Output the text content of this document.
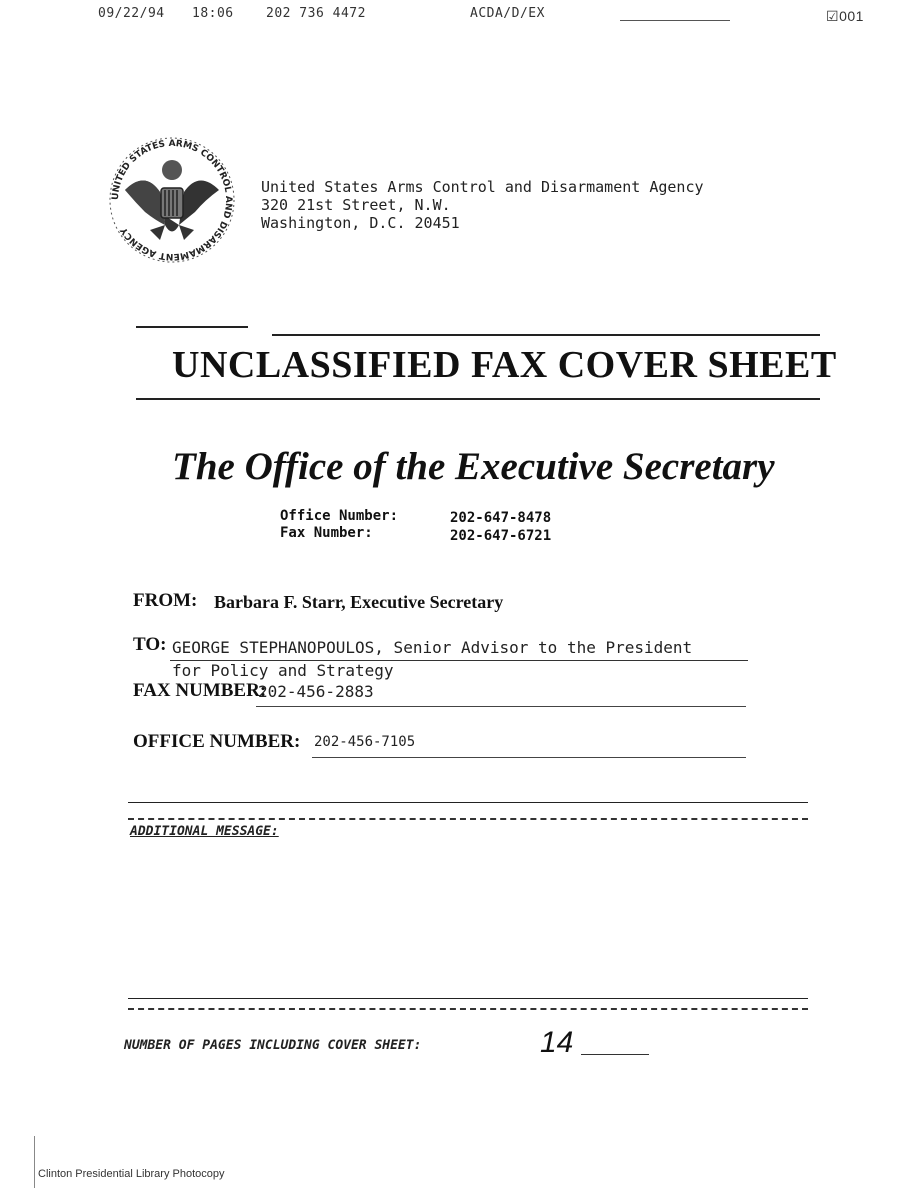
09/22/94 18:06 202 736 4472	ACDA/D/EX	☑001
UNITED STATES ARMS CONTROL AND DISARMAMENT AGENCY
United States Arms Control and Disarmament Agency
320 21st Street, N.W.
Washington, D.C. 20451
UNCLASSIFIED FAX COVER SHEET
The Office of the Executive Secretary
Office Number:	202-647-8478
Fax Number:	202-647-6721
FROM: Barbara F. Starr, Executive Secretary
TO: GEORGE STEPHANOPOULOS, Senior Advisor to the President
for Policy and Strategy
FAX NUMBER:
202-456-2883
OFFICE NUMBER: 202-456-7105
ADDITIONAL MESSAGE:
NUMBER OF PAGES INCLUDING COVER SHEET:	14
Clinton Presidential Library Photocopy
